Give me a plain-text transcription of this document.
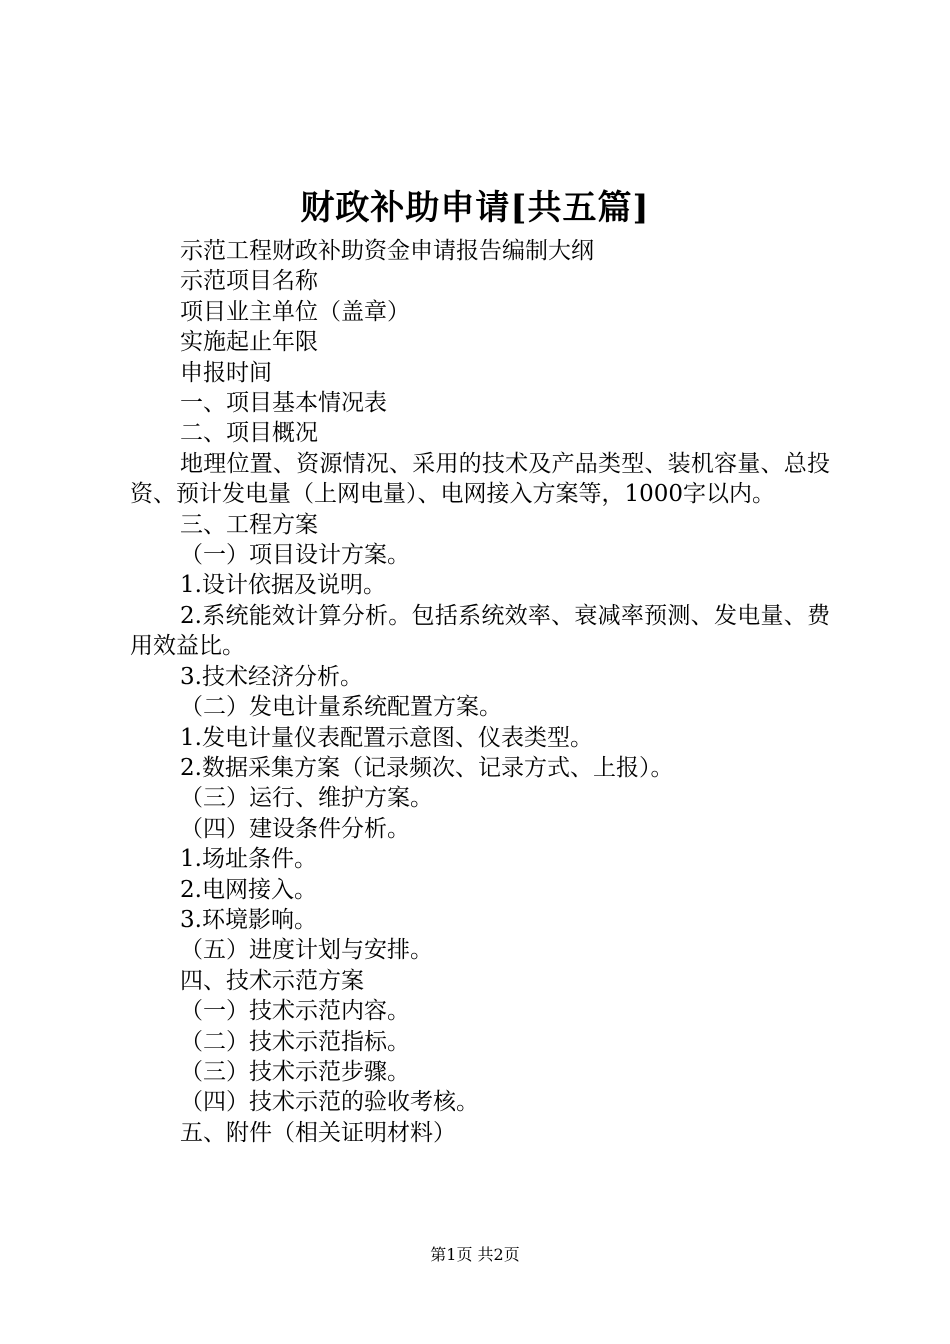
财政补助申请[共五篇]

示范工程财政补助资金申请报告编制大纲

示范项目名称

项目业主单位（盖章）

实施起止年限

申报时间

一、项目基本情况表

二、项目概况

地理位置、资源情况、采用的技术及产品类型、装机容量、总投资、预计发电量（上网电量）、电网接入方案等，1000字以内。

三、工程方案

（一）项目设计方案。

1.设计依据及说明。

2.系统能效计算分析。包括系统效率、衰减率预测、发电量、费用效益比。

3.技术经济分析。

（二）发电计量系统配置方案。

1.发电计量仪表配置示意图、仪表类型。

2.数据采集方案（记录频次、记录方式、上报）。

（三）运行、维护方案。

（四）建设条件分析。

1.场址条件。

2.电网接入。

3.环境影响。

（五）进度计划与安排。

四、技术示范方案

（一）技术示范内容。

（二）技术示范指标。

（三）技术示范步骤。

（四）技术示范的验收考核。

五、附件（相关证明材料）

第1页 共2页
